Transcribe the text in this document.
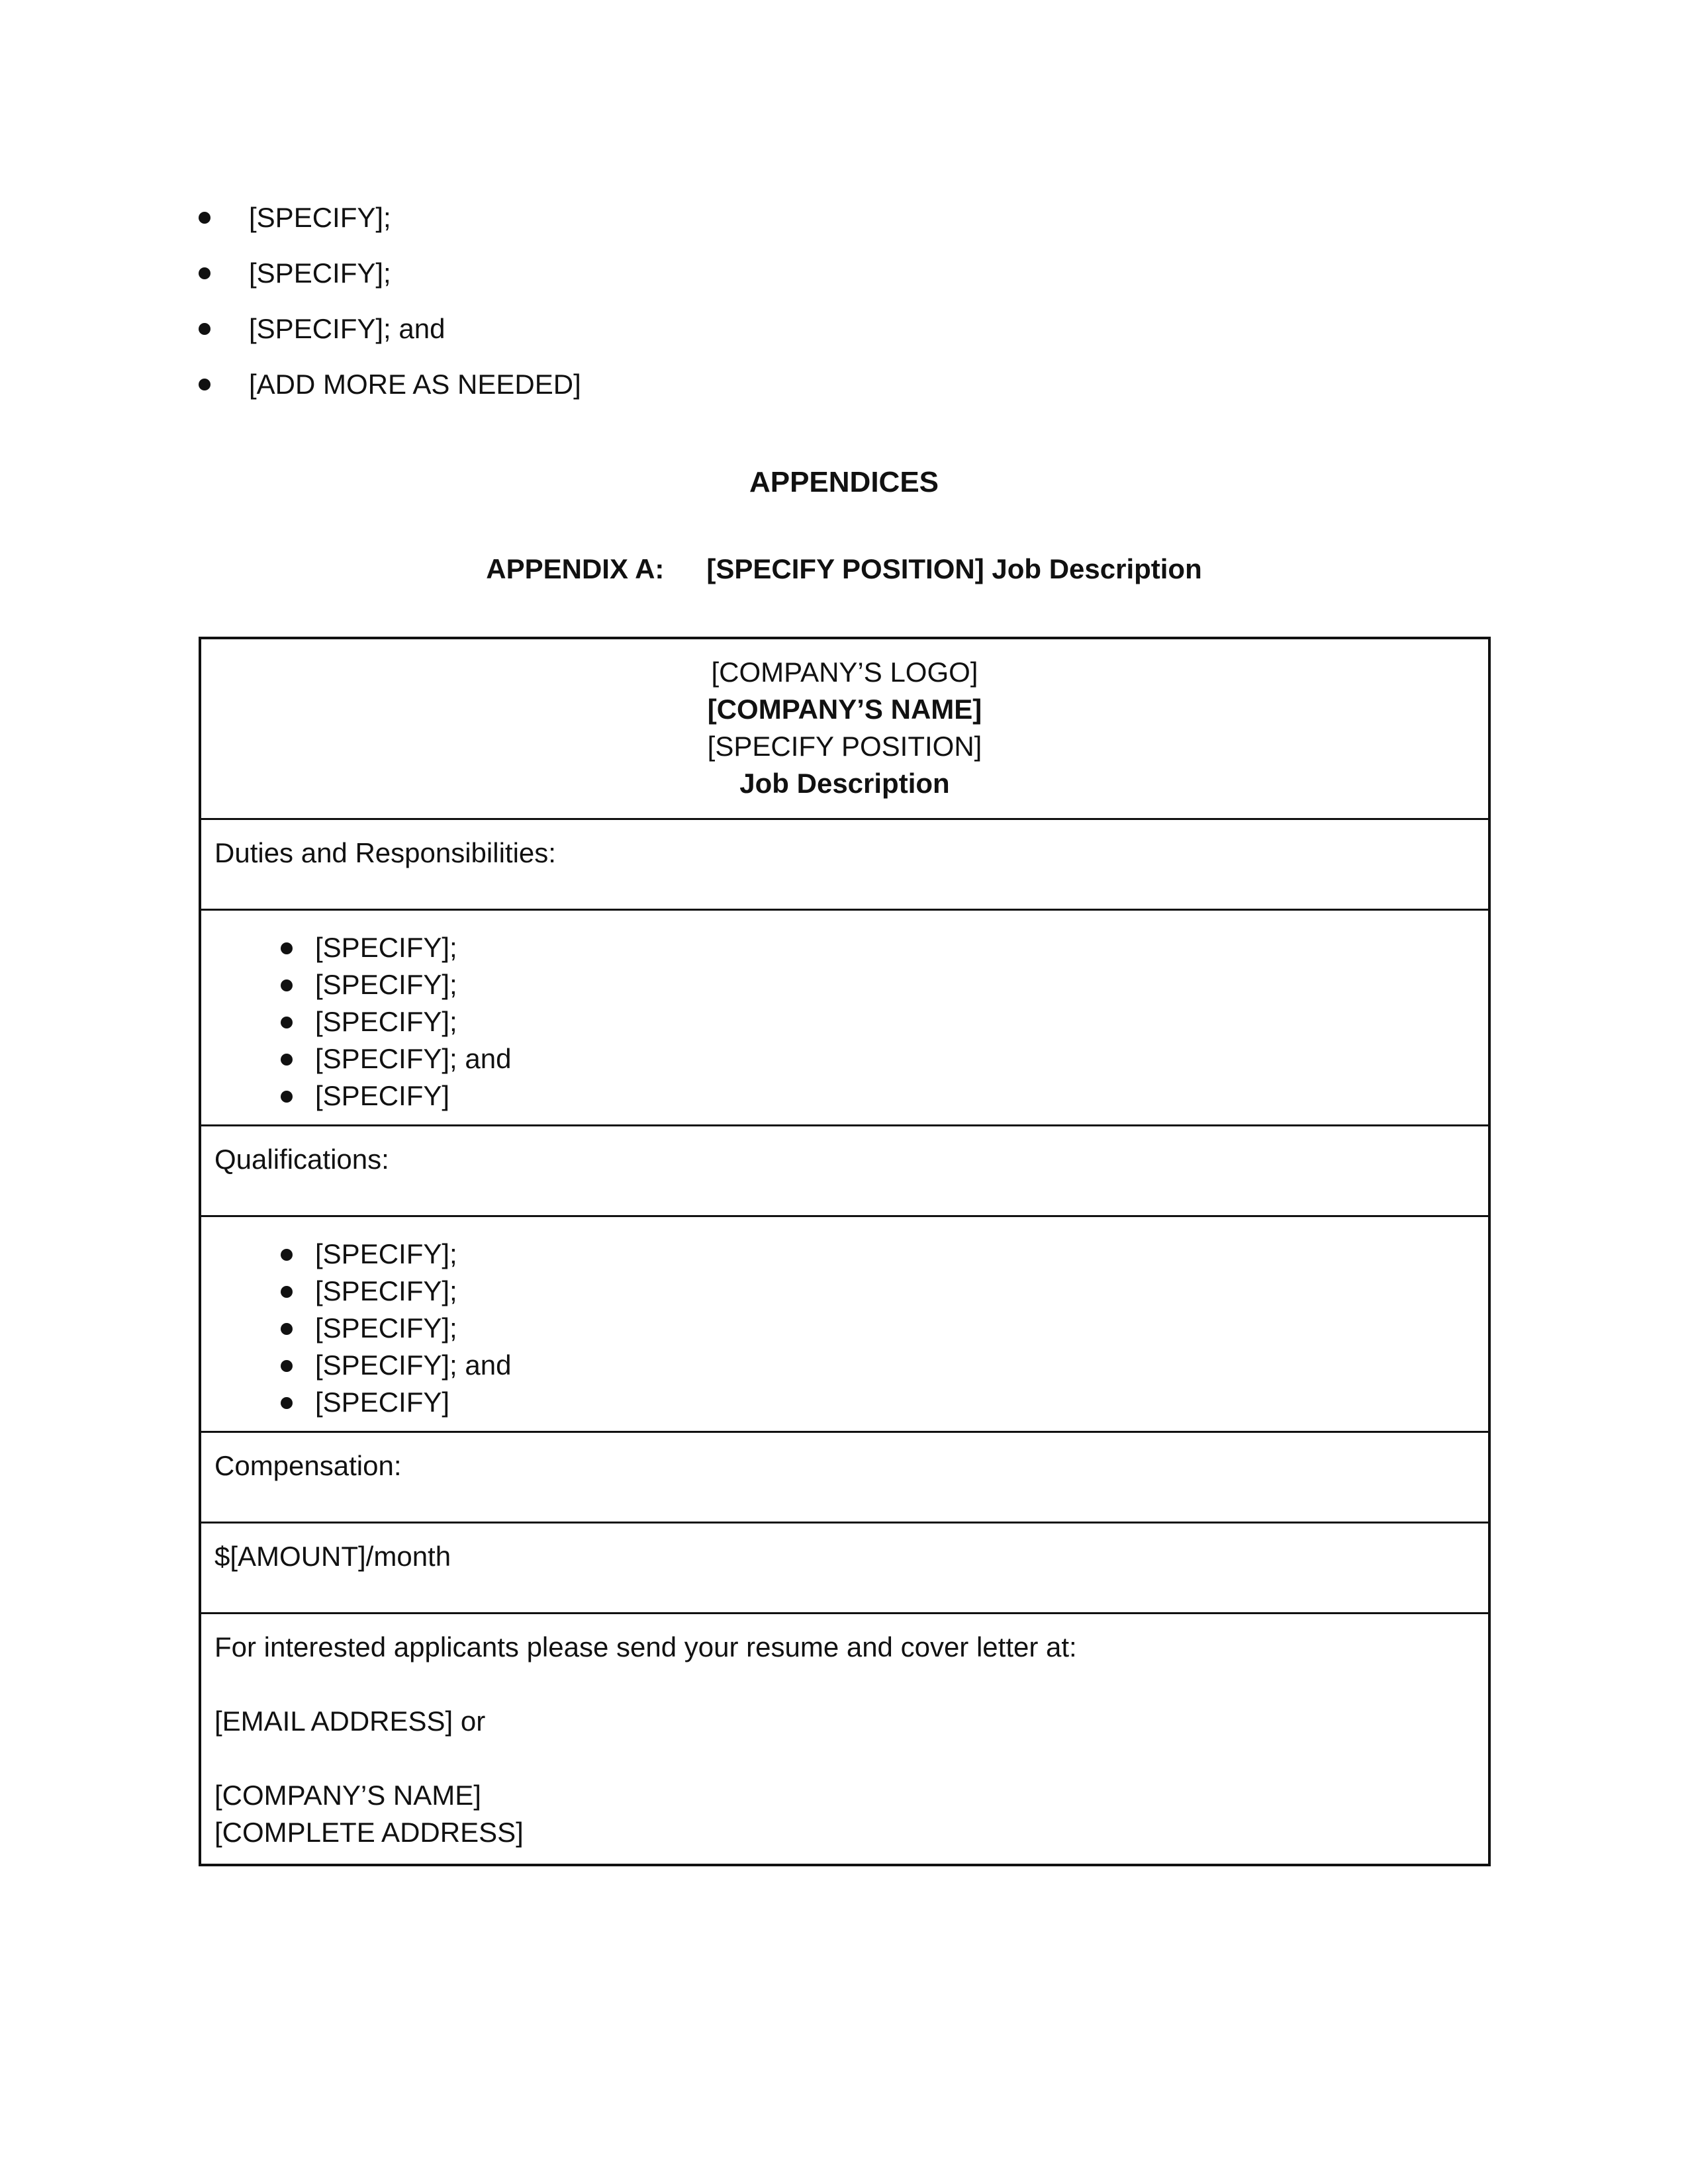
[SPECIFY];
[SPECIFY];
[SPECIFY]; and
[ADD MORE AS NEEDED]
APPENDICES
APPENDIX A: [SPECIFY POSITION] Job Description
[COMPANY’S LOGO]
[COMPANY’S NAME]
[SPECIFY POSITION]
Job Description
Duties and Responsibilities:
[SPECIFY];
[SPECIFY];
[SPECIFY];
[SPECIFY]; and
[SPECIFY]
Qualifications:
[SPECIFY];
[SPECIFY];
[SPECIFY];
[SPECIFY]; and
[SPECIFY]
Compensation:
$[AMOUNT]/month
For interested applicants please send your resume and cover letter at:
[EMAIL ADDRESS] or
[COMPANY’S NAME]
[COMPLETE ADDRESS]
